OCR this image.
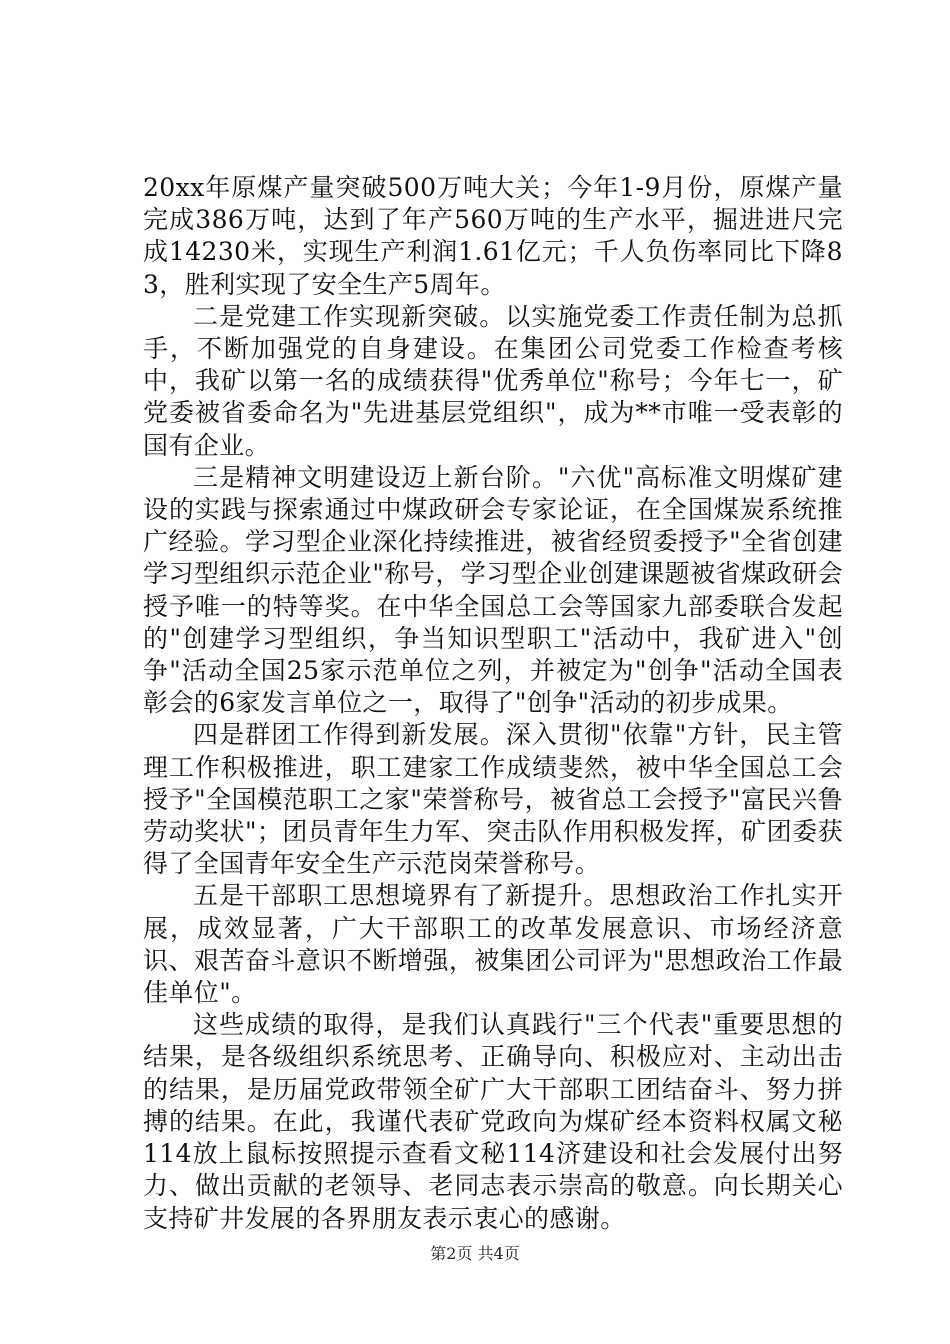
20xx年原煤产量突破500万吨大关；今年1-9月份，原煤产量完成386万吨，达到了年产560万吨的生产水平，掘进进尺完成14230米，实现生产利润1.61亿元；千人负伤率同比下降83，胜利实现了安全生产5周年。

二是党建工作实现新突破。以实施党委工作责任制为总抓手，不断加强党的自身建设。在集团公司党委工作检查考核中，我矿以第一名的成绩获得"优秀单位"称号；今年七一，矿党委被省委命名为"先进基层党组织"，成为**市唯一受表彰的国有企业。

三是精神文明建设迈上新台阶。"六优"高标准文明煤矿建设的实践与探索通过中煤政研会专家论证，在全国煤炭系统推广经验。学习型企业深化持续推进，被省经贸委授予"全省创建学习型组织示范企业"称号，学习型企业创建课题被省煤政研会授予唯一的特等奖。在中华全国总工会等国家九部委联合发起的"创建学习型组织，争当知识型职工"活动中，我矿进入"创争"活动全国25家示范单位之列，并被定为"创争"活动全国表彰会的6家发言单位之一，取得了"创争"活动的初步成果。

四是群团工作得到新发展。深入贯彻"依靠"方针，民主管理工作积极推进，职工建家工作成绩斐然，被中华全国总工会授予"全国模范职工之家"荣誉称号，被省总工会授予"富民兴鲁劳动奖状"；团员青年生力军、突击队作用积极发挥，矿团委获得了全国青年安全生产示范岗荣誉称号。

五是干部职工思想境界有了新提升。思想政治工作扎实开展，成效显著，广大干部职工的改革发展意识、市场经济意识、艰苦奋斗意识不断增强，被集团公司评为"思想政治工作最佳单位"。

这些成绩的取得，是我们认真践行"三个代表"重要思想的结果，是各级组织系统思考、正确导向、积极应对、主动出击的结果，是历届党政带领全矿广大干部职工团结奋斗、努力拼搏的结果。在此，我谨代表矿党政向为煤矿经本资料权属文秘114放上鼠标按照提示查看文秘114济建设和社会发展付出努力、做出贡献的老领导、老同志表示崇高的敬意。向长期关心支持矿井发展的各界朋友表示衷心的感谢。

第2页 共4页
